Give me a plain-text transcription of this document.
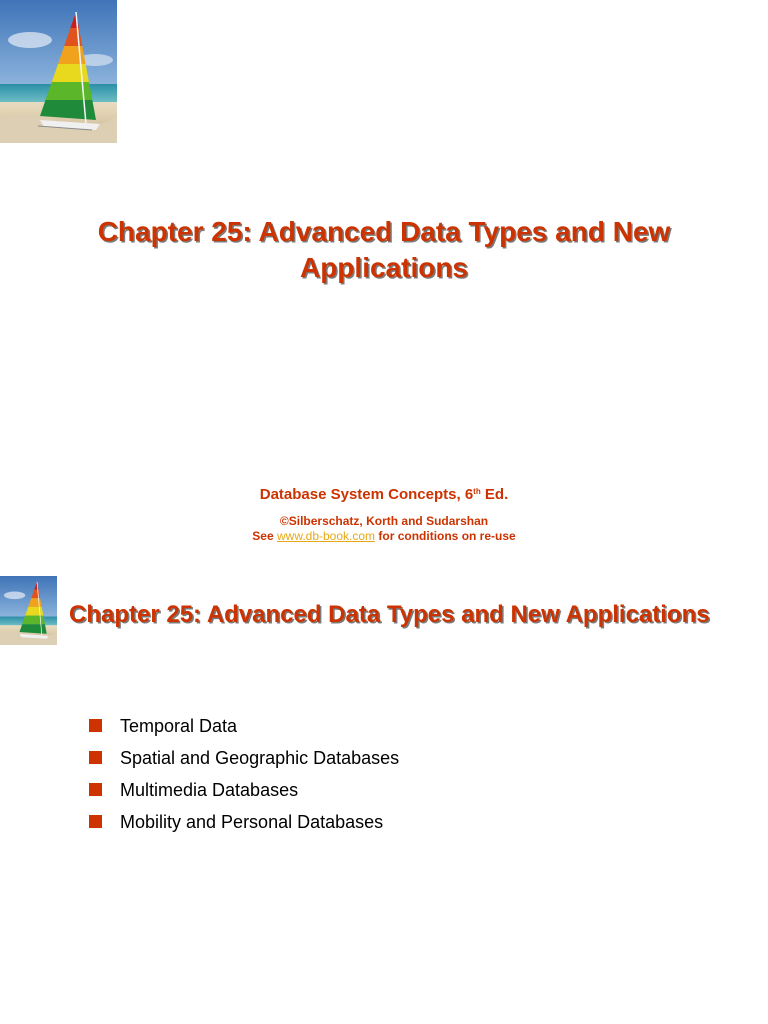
Chapter 25: Advanced Data Types and New Applications

Database System Concepts, 6th Ed.

©Silberschatz, Korth and Sudarshan

See www.db-book.com for conditions on re-use

Chapter 25: Advanced Data Types and New Applications
Temporal Data
Spatial and Geographic Databases
Multimedia Databases
Mobility and Personal Databases
